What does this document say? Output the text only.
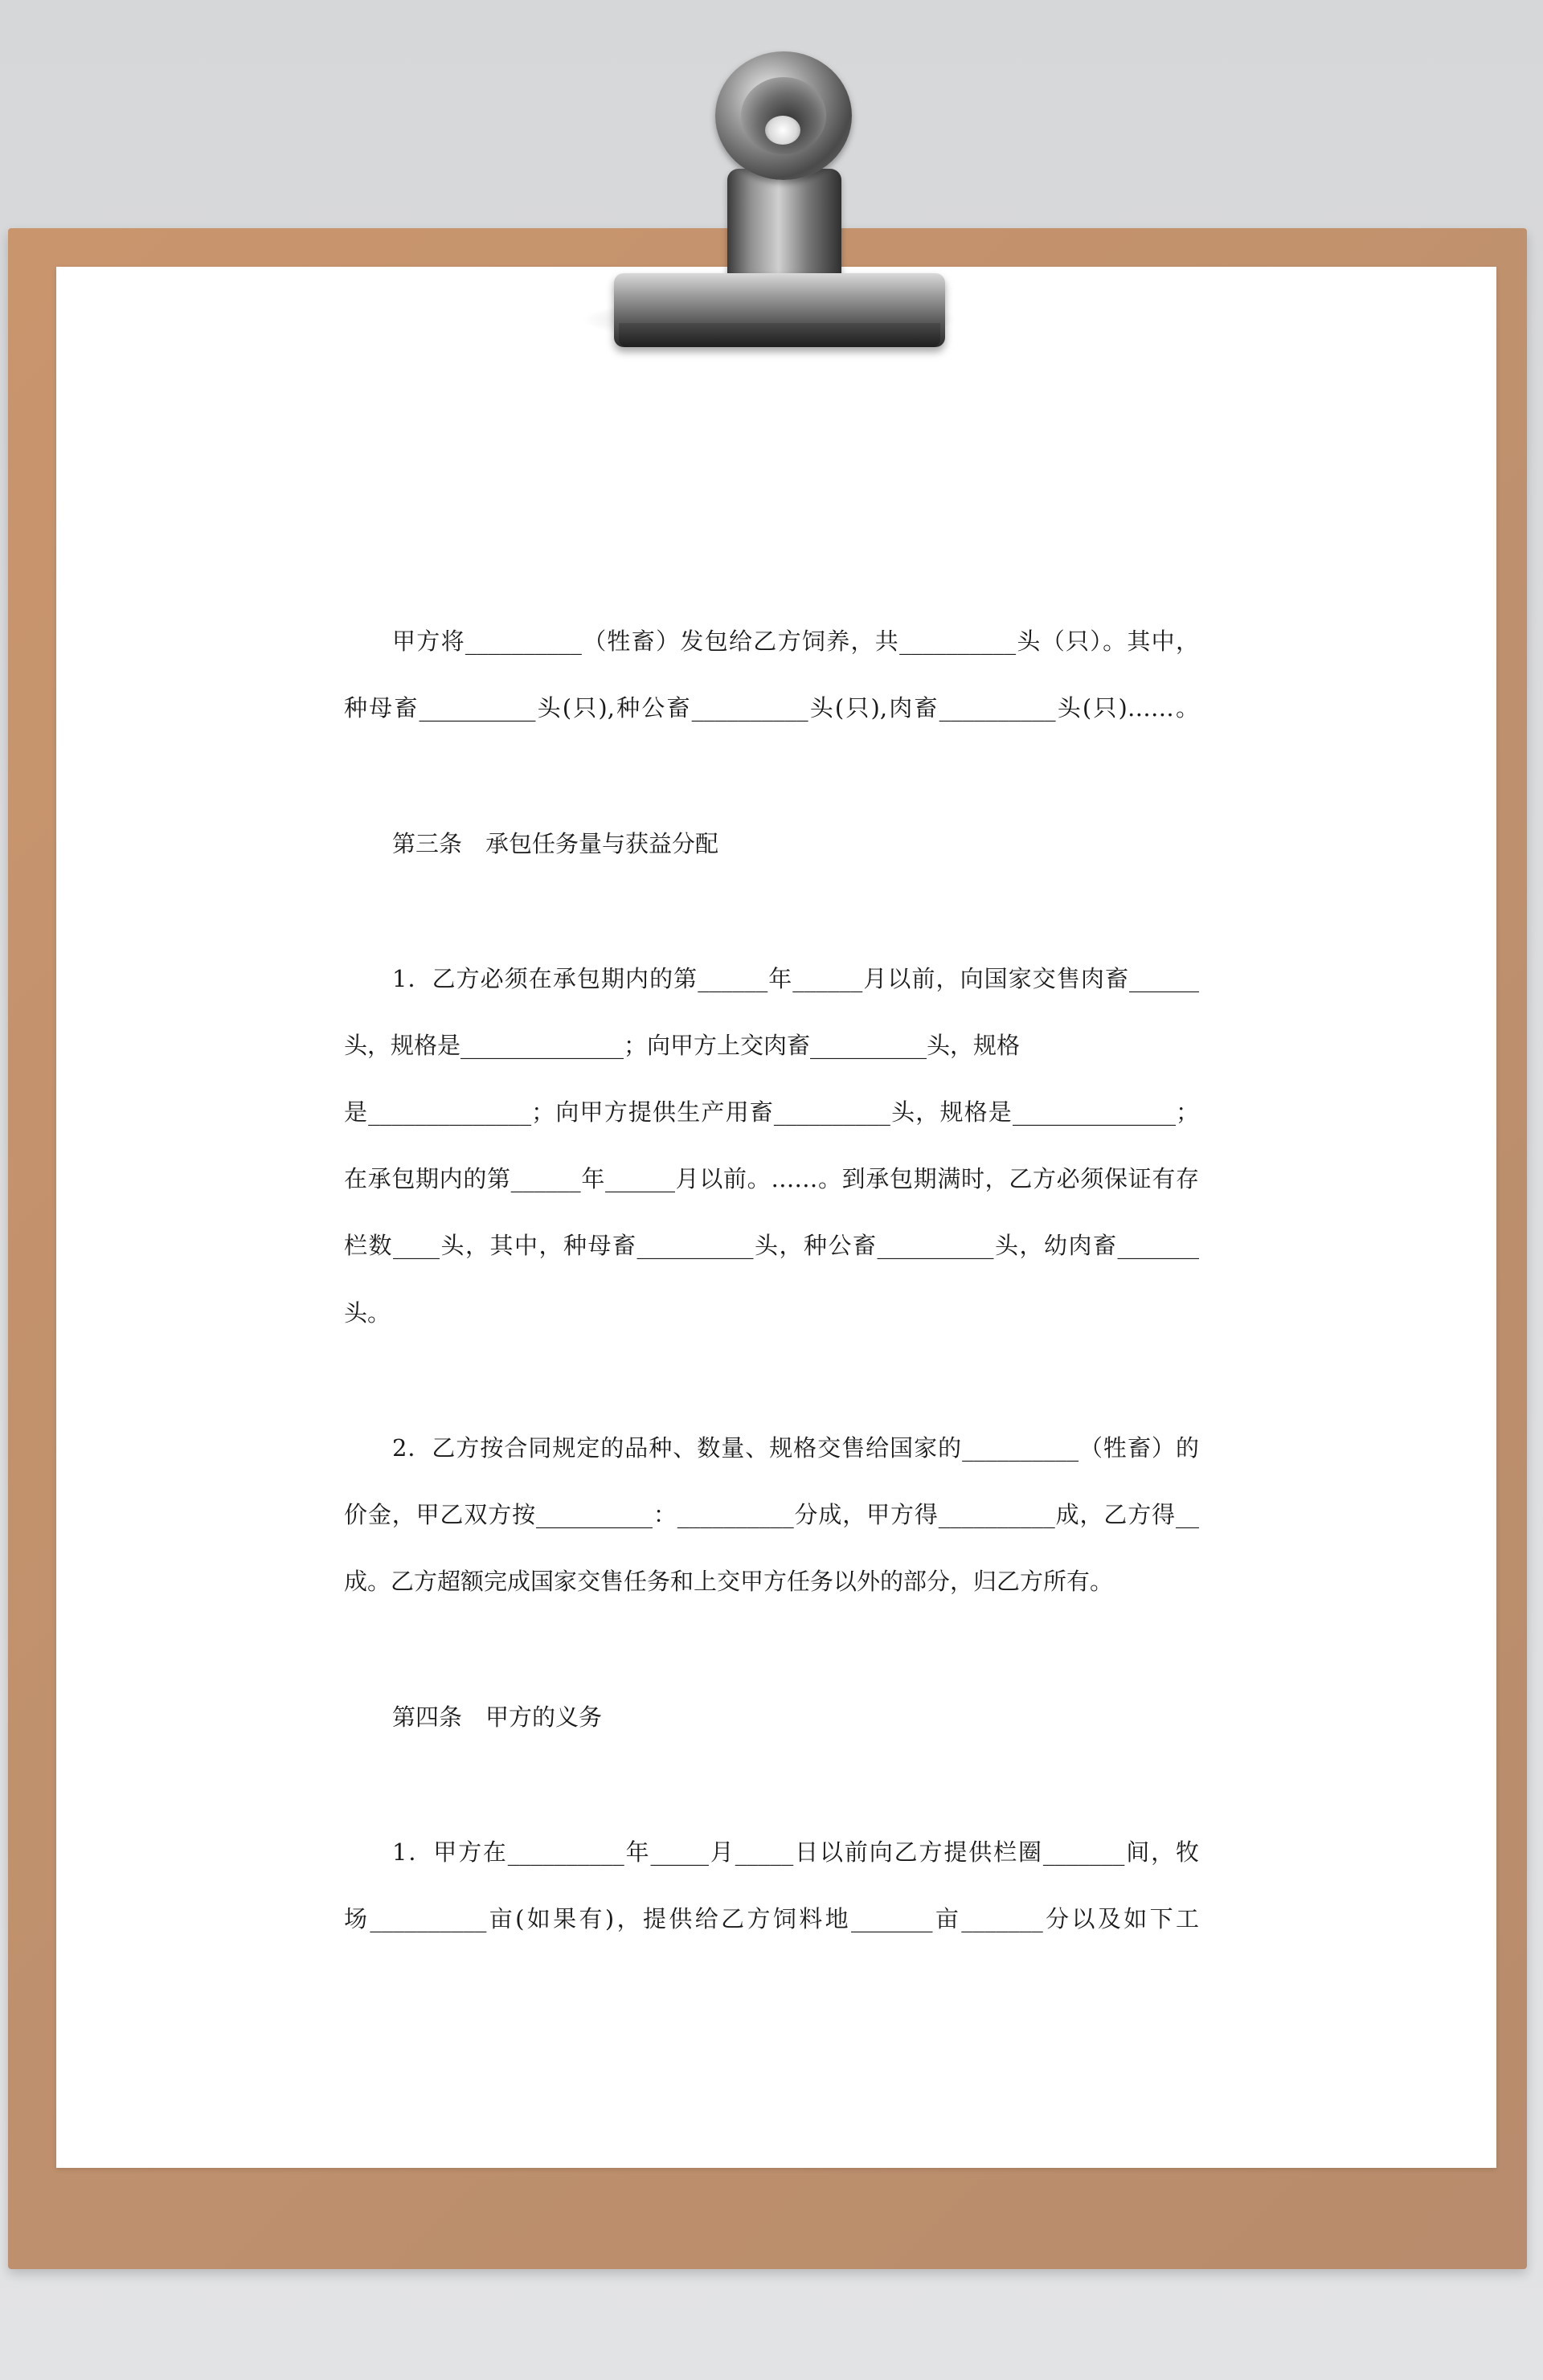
甲方将__________（牲畜）发包给乙方饲养，共__________头（只）。其中，
种母畜__________头(只),种公畜__________头(只),肉畜__________头(只)……。
第三条　承包任务量与获益分配
1．乙方必须在承包期内的第______年______月以前，向国家交售肉畜______
头，规格是______________；向甲方上交肉畜__________头，规格
是______________；向甲方提供生产用畜__________头，规格是______________；
在承包期内的第______年______月以前。……。到承包期满时，乙方必须保证有存
栏数____头，其中，种母畜__________头，种公畜__________头，幼肉畜_______
头。
2．乙方按合同规定的品种、数量、规格交售给国家的__________（牲畜）的
价金，甲乙双方按__________：__________分成，甲方得__________成，乙方得__
成。乙方超额完成国家交售任务和上交甲方任务以外的部分，归乙方所有。
第四条　甲方的义务
1．甲方在__________年_____月_____日以前向乙方提供栏圈_______间，牧
场__________亩(如果有)，提供给乙方饲料地_______亩_______分以及如下工
